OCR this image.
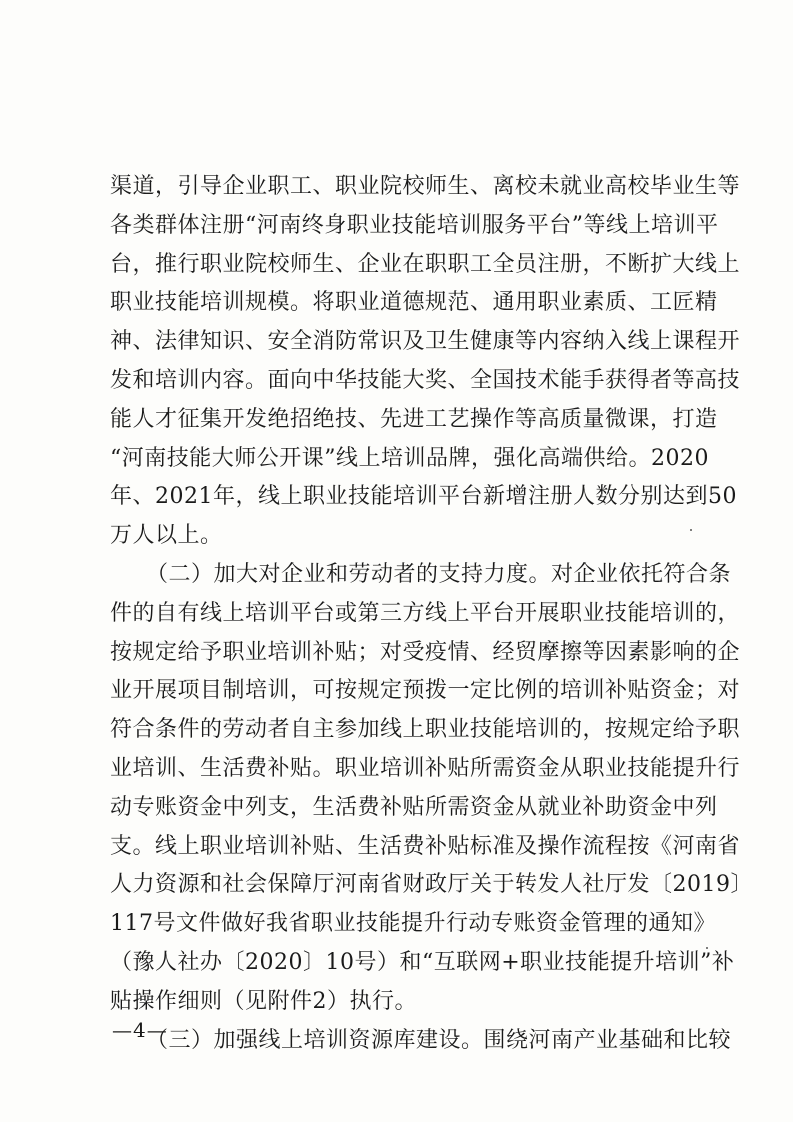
渠道，引导企业职工、职业院校师生、离校未就业高校毕业生等
各类群体注册“河南终身职业技能培训服务平台”等线上培训平
台，推行职业院校师生、企业在职职工全员注册，不断扩大线上
职业技能培训规模。将职业道德规范、通用职业素质、工匠精
神、法律知识、安全消防常识及卫生健康等内容纳入线上课程开
发和培训内容。面向中华技能大奖、全国技术能手获得者等高技
能人才征集开发绝招绝技、先进工艺操作等高质量微课，打造
“河南技能大师公开课”线上培训品牌，强化高端供给。2020
年、2021年，线上职业技能培训平台新增注册人数分别达到50
万人以上。
（二）加大对企业和劳动者的支持力度。对企业依托符合条
件的自有线上培训平台或第三方线上平台开展职业技能培训的，
按规定给予职业培训补贴；对受疫情、经贸摩擦等因素影响的企
业开展项目制培训，可按规定预拨一定比例的培训补贴资金；对
符合条件的劳动者自主参加线上职业技能培训的，按规定给予职
业培训、生活费补贴。职业培训补贴所需资金从职业技能提升行
动专账资金中列支，生活费补贴所需资金从就业补助资金中列
支。线上职业培训补贴、生活费补贴标准及操作流程按《河南省
人力资源和社会保障厅河南省财政厅关于转发人社厅发〔2019〕
117号文件做好我省职业技能提升行动专账资金管理的通知》
（豫人社办〔2020〕10号）和“互联网+职业技能提升培训”补
贴操作细则（见附件2）执行。
（三）加强线上培训资源库建设。围绕河南产业基础和比较
—4—
